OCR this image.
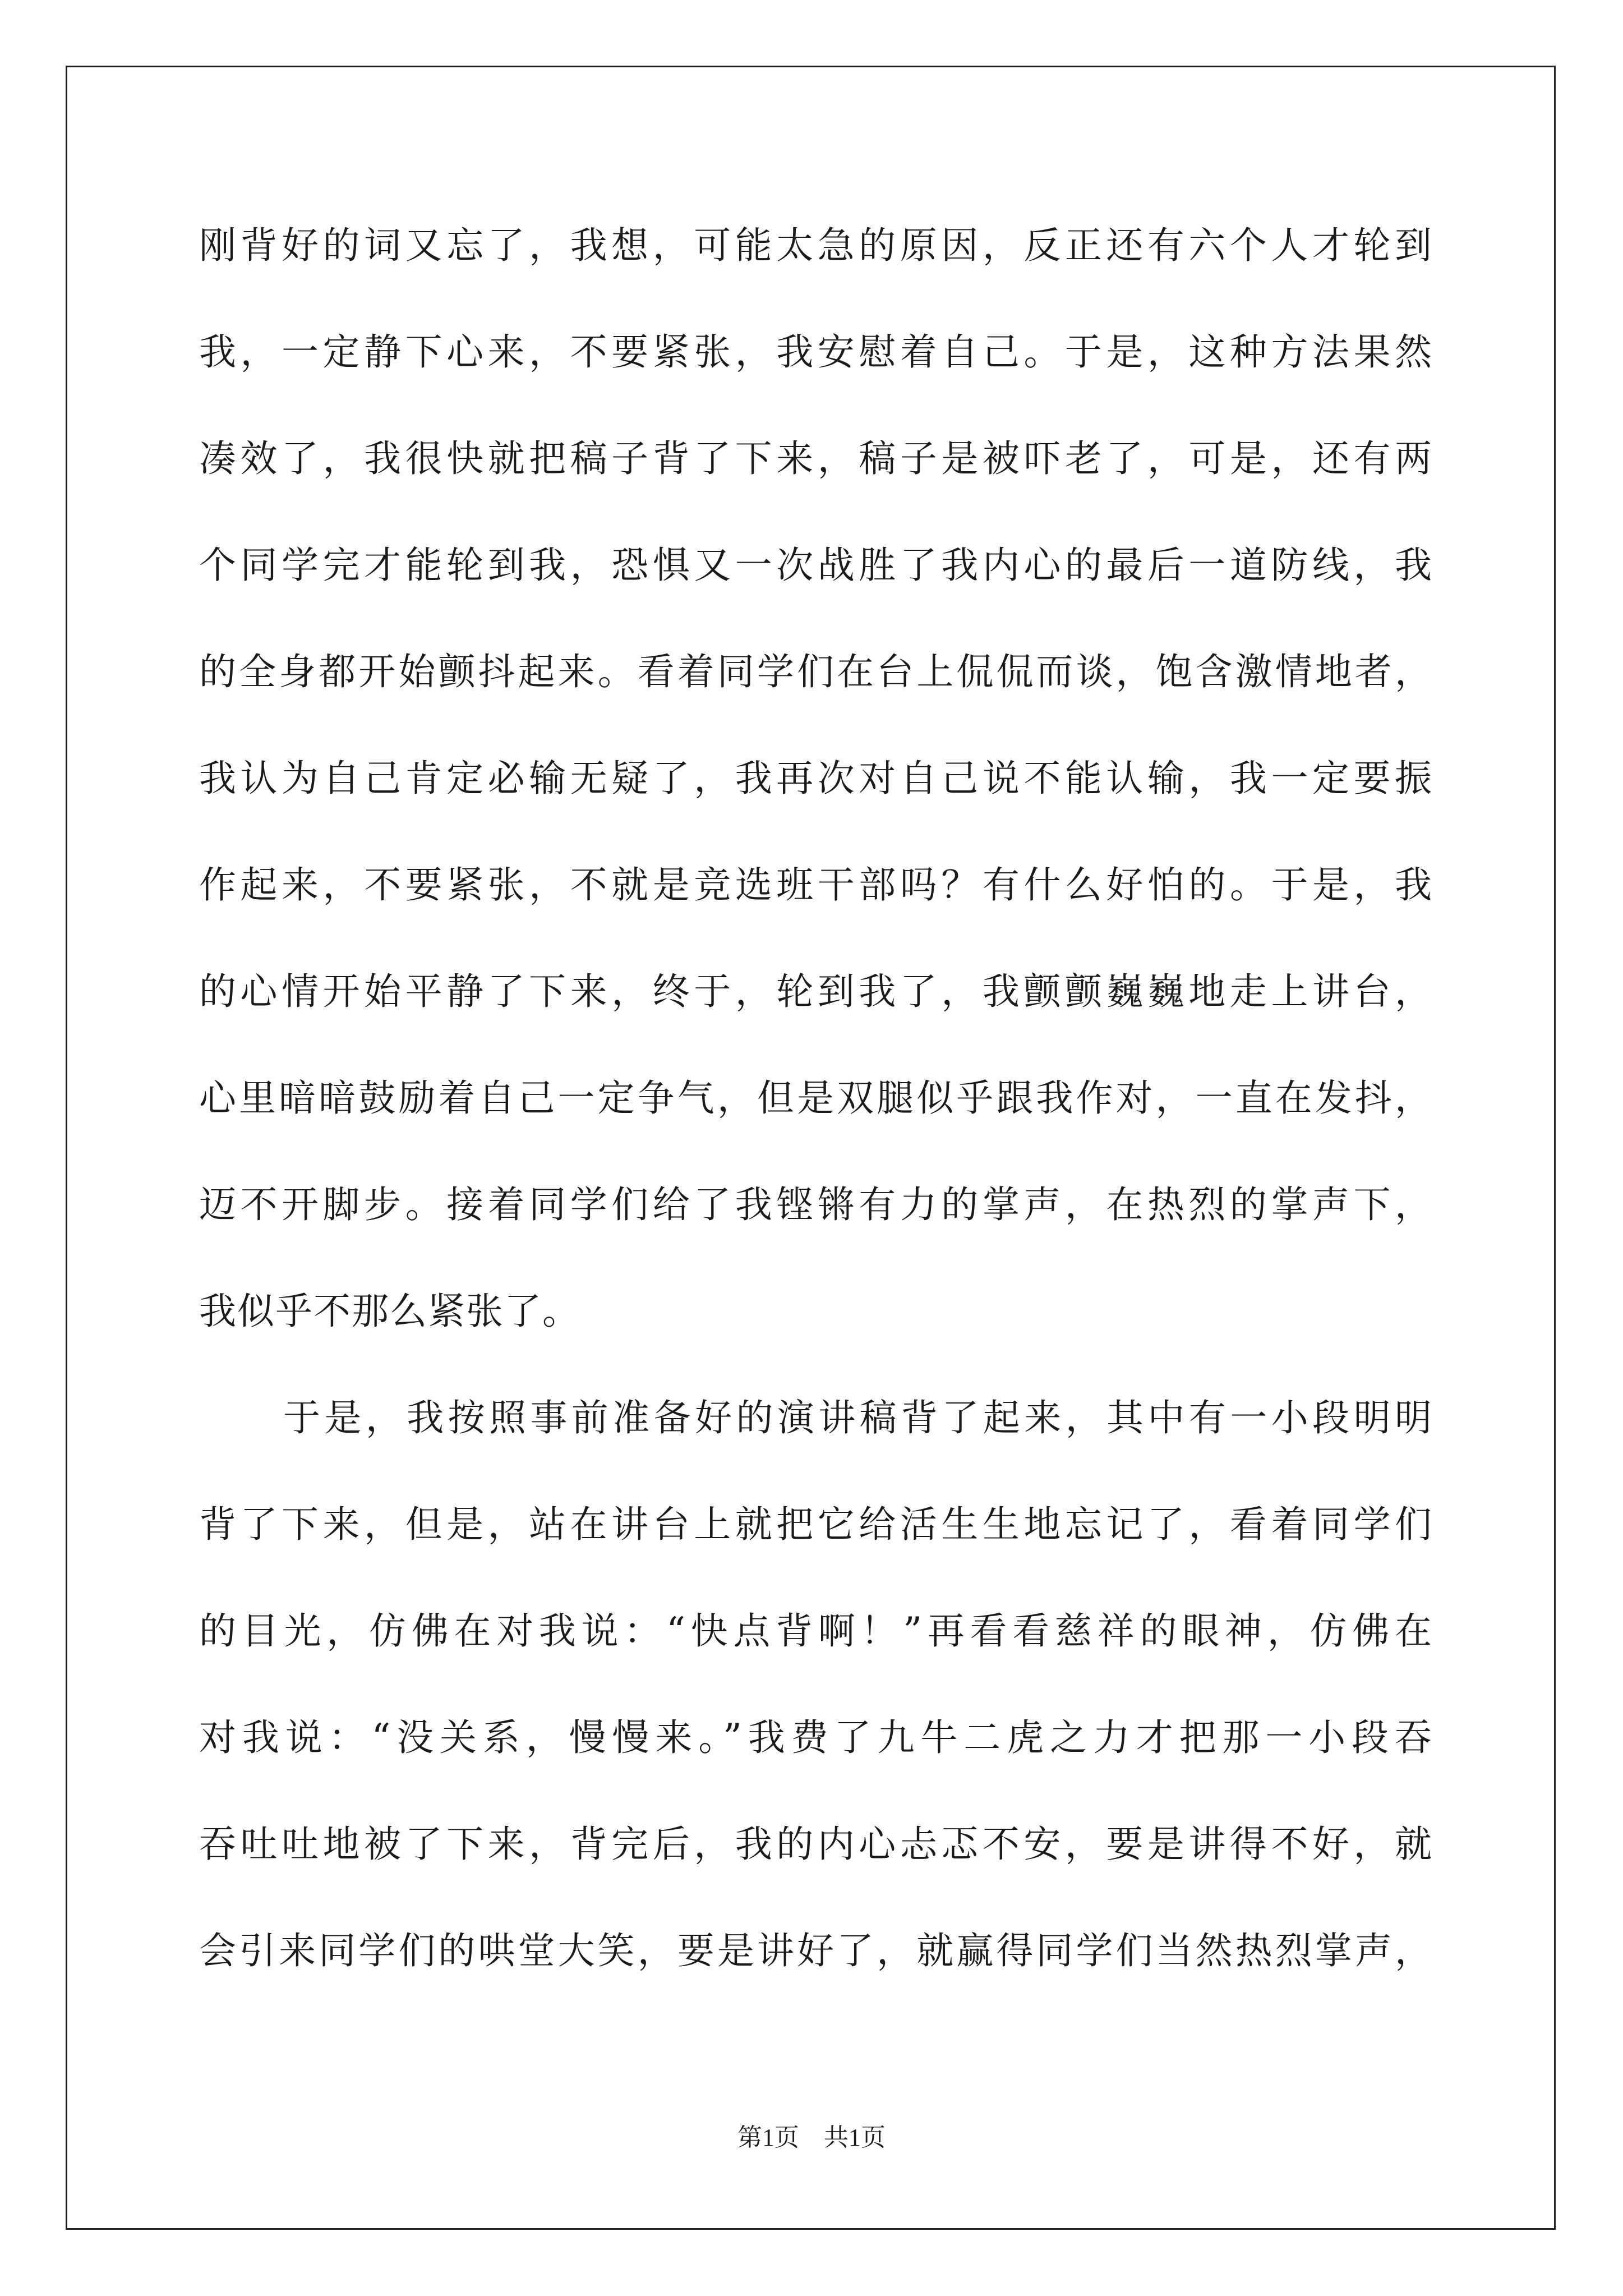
刚背好的词又忘了，我想，可能太急的原因，反正还有六个人才轮到
我，一定静下心来，不要紧张，我安慰着自己。于是，这种方法果然
凑效了，我很快就把稿子背了下来，稿子是被吓老了，可是，还有两
个同学完才能轮到我，恐惧又一次战胜了我内心的最后一道防线，我
的全身都开始颤抖起来。看着同学们在台上侃侃而谈，饱含激情地者，
我认为自己肯定必输无疑了，我再次对自己说不能认输，我一定要振
作起来，不要紧张，不就是竞选班干部吗？有什么好怕的。于是，我
的心情开始平静了下来，终于，轮到我了，我颤颤巍巍地走上讲台，
心里暗暗鼓励着自己一定争气，但是双腿似乎跟我作对，一直在发抖，
迈不开脚步。接着同学们给了我铿锵有力的掌声，在热烈的掌声下，
我似乎不那么紧张了。
于是，我按照事前准备好的演讲稿背了起来，其中有一小段明明
背了下来，但是，站在讲台上就把它给活生生地忘记了，看着同学们
的目光，仿佛在对我说：“快点背啊！”再看看慈祥的眼神，仿佛在
对我说：“没关系，慢慢来。”我费了九牛二虎之力才把那一小段吞
吞吐吐地被了下来，背完后，我的内心忐忑不安，要是讲得不好，就
会引来同学们的哄堂大笑，要是讲好了，就赢得同学们当然热烈掌声，
第1页　共1页
